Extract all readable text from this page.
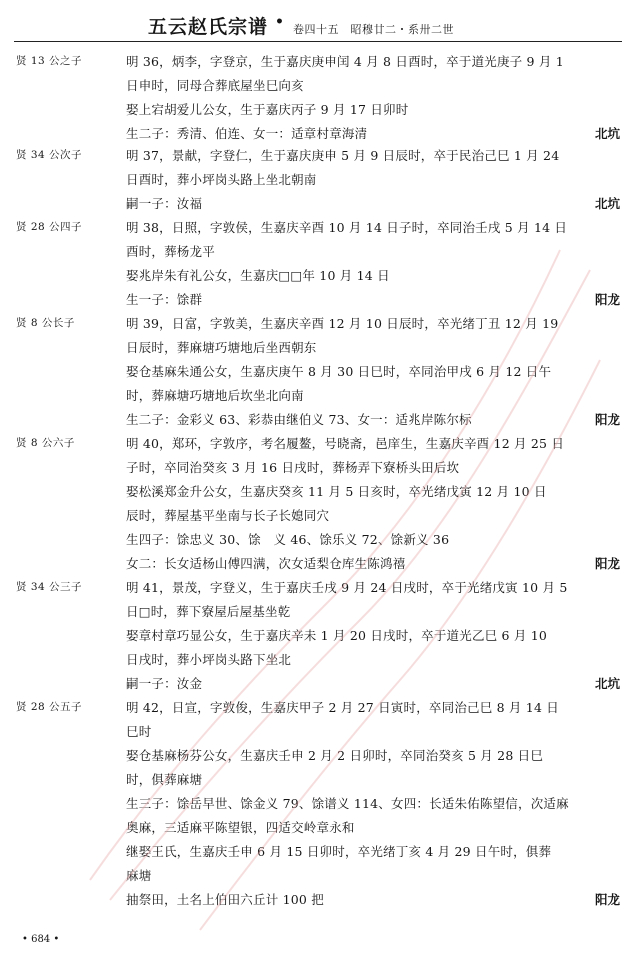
五云赵氏宗谱 • 卷四十五　昭穆廿二・系卅二世
贤 13 公之子	明 36，炳李，字登京，生于嘉庆庚申闰 4 月 8 日酉时，卒于道光庚子 9 月 1
日申时，同母合葬底屋坐巳向亥
娶上宕胡爱儿公女，生于嘉庆丙子 9 月 17 日卯时
生二子：秀清、伯连、女一：适章村章海清	北坑
贤 34 公次子	明 37，景献，字登仁，生于嘉庆庚申 5 月 9 日辰时，卒于民治己巳 1 月 24
日酉时，葬小坪岗头路上坐北朝南
嗣一子：汝福	北坑
贤 28 公四子	明 38，日照，字敦侯，生嘉庆辛酉 10 月 14 日子时，卒同治壬戌 5 月 14 日
酉时，葬杨龙平
娶兆岸朱有礼公女，生嘉庆□□年 10 月 14 日
生一子：馀群	阳龙
贤 8 公长子	明 39，日富，字敦美，生嘉庆辛酉 12 月 10 日辰时，卒光绪丁丑 12 月 19
日辰时，葬麻塘巧塘地后坐西朝东
娶仓基麻朱通公女，生嘉庆庚午 8 月 30 日巳时，卒同治甲戌 6 月 12 日午
时，葬麻塘巧塘地后坎坐北向南
生二子：金彩义 63、彩恭由继伯义 73、女一：适兆岸陈尔标	阳龙
贤 8 公六子	明 40，郑环，字敦序，考名履鳌，号晓斋，邑庠生，生嘉庆辛酉 12 月 25 日
子时，卒同治癸亥 3 月 16 日戌时，葬杨弄下寮桥头田后坎
娶松溪郑金升公女，生嘉庆癸亥 11 月 5 日亥时，卒光绪戊寅 12 月 10 日
辰时，葬屋基平坐南与长子长媳同穴
生四子：馀忠义 30、馀　义 46、馀乐义 72、馀新义 36
女二：长女适杨山傅四满，次女适梨仓库生陈鸿禧	阳龙
贤 34 公三子	明 41，景茂，字登义，生于嘉庆壬戌 9 月 24 日戌时，卒于光绪戊寅 10 月 5
日□时，葬下寮屋后屋基坐乾
娶章村章巧显公女，生于嘉庆辛未 1 月 20 日戌时，卒于道光乙巳 6 月 10
日戌时，葬小坪岗头路下坐北
嗣一子：汝金	北坑
贤 28 公五子	明 42，日宣，字敦俊，生嘉庆甲子 2 月 27 日寅时，卒同治己巳 8 月 14 日
巳时
娶仓基麻杨芬公女，生嘉庆壬申 2 月 2 日卯时，卒同治癸亥 5 月 28 日巳
时，俱葬麻塘
生三子：馀岳早世、馀金义 79、馀谱义 114、女四：长适朱佑陈望信，次适麻
奥麻，三适麻平陈望银，四适交岭章永和
继娶王氏，生嘉庆壬申 6 月 15 日卯时，卒光绪丁亥 4 月 29 日午时，俱葬
麻塘
抽祭田，土名上伯田六丘计 100 把	阳龙
• 684 •
